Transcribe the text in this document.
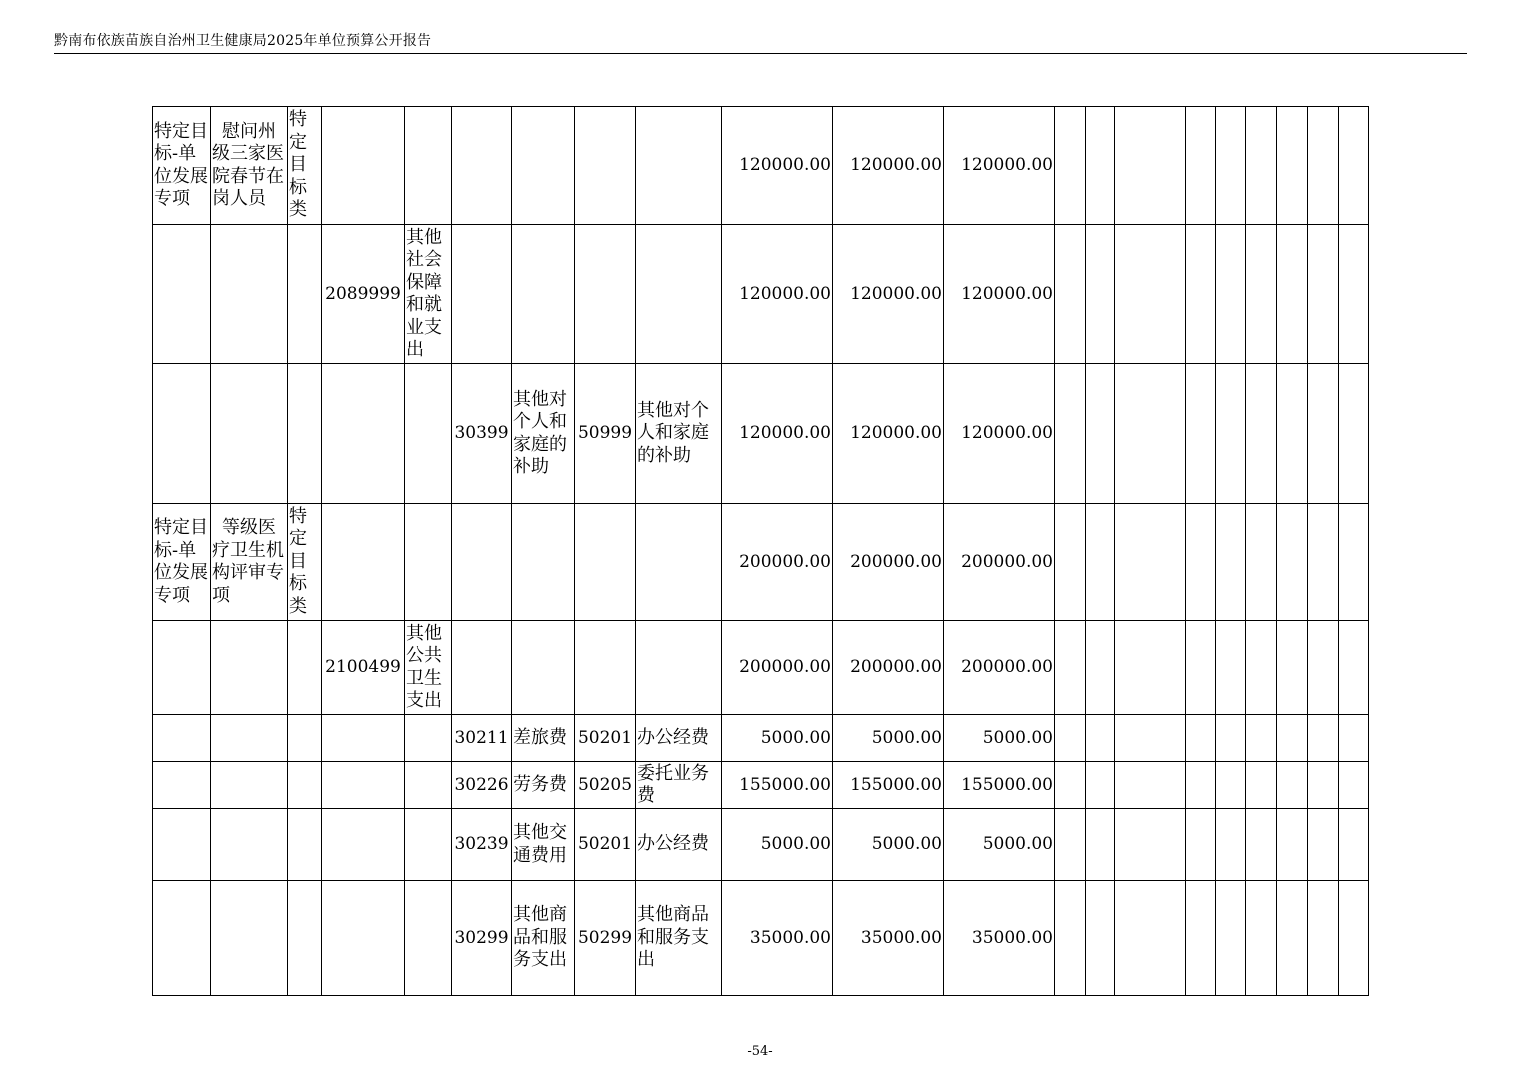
黔南布依族苗族自治州卫生健康局2025年单位预算公开报告
特定目标-单位发展专项	慰问州级三家医院春节在岗人员	特定目标类							120000.00	120000.00	120000.00									
			2089999	其他社会保障和就业支出					120000.00	120000.00	120000.00									
					30399	其他对个人和家庭的补助	50999	其他对个人和家庭的补助	120000.00	120000.00	120000.00									
特定目标-单位发展专项	等级医疗卫生机构评审专项	特定目标类							200000.00	200000.00	200000.00									
			2100499	其他公共卫生支出					200000.00	200000.00	200000.00									
					30211	差旅费	50201	办公经费	5000.00	5000.00	5000.00									
					30226	劳务费	50205	委托业务费	155000.00	155000.00	155000.00									
					30239	其他交通费用	50201	办公经费	5000.00	5000.00	5000.00									
					30299	其他商品和服务支出	50299	其他商品和服务支出	35000.00	35000.00	35000.00									
-54-
